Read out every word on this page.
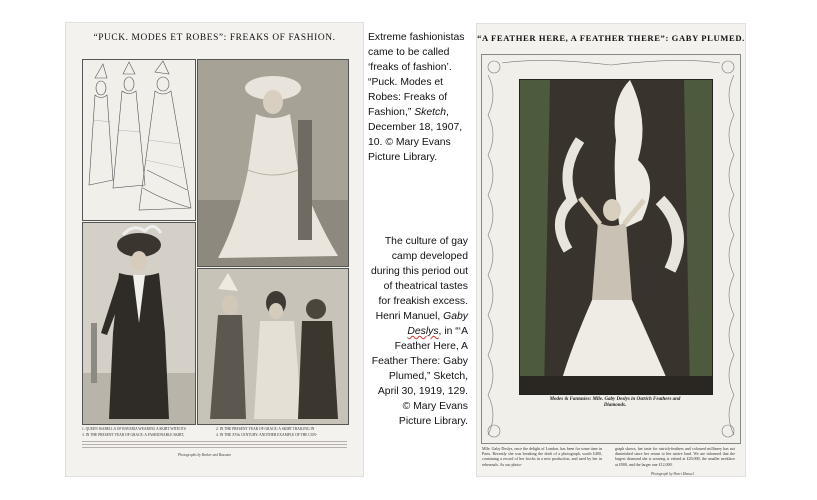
“PUCK. MODES ET ROBES”: FREAKS OF FASHION.
1. QUEEN ISABELLA OF BAVARIA WEARING A SKIRT WITH ITS	2. IN THE PRESENT YEAR OF GRACE: A SKIRT TRAILING IN
3. IN THE PRESENT YEAR OF GRACE: A FASHIONABLE SKIRT,	4. IN THE XVth CENTURY: ANOTHER EXAMPLE OF THE CON-
Photographs by Barker and Bassano
Extreme fashionistas came to be called ‘freaks of fashion’. “Puck. Modes et Robes: Freaks of Fashion,” Sketch, December 18, 1907, 10. © Mary Evans Picture Library.
The culture of gay camp developed during this period out of theatrical tastes for freakish excess. Henri Manuel, Gaby Deslys, in “‘A Feather Here, A Feather There: Gaby Plumed,” Sketch, April 30, 1919, 129. © Mary Evans Picture Library.
“A FEATHER HERE, A FEATHER THERE”: GABY PLUMED.
Modes & Fantasies: Mlle. Gaby Deslys in Ostrich Feathers and Diamonds.
Mlle. Gaby Deslys, once the delight of London, has been for some time in Paris. Recently she was breaking the draft of a photograph, worth £400, containing a record of her frocks in a new production, and used by her in rehearsals. As our photo-
graph shows, her taste for ostrich-feathers and coloured millinery has not diminished since her return to her native land. We are informed that the largest diamond she is wearing is valued at £20,000, the smaller necklace at £900, and the larger one £12,000.
Photograph by Henri Manuel.
